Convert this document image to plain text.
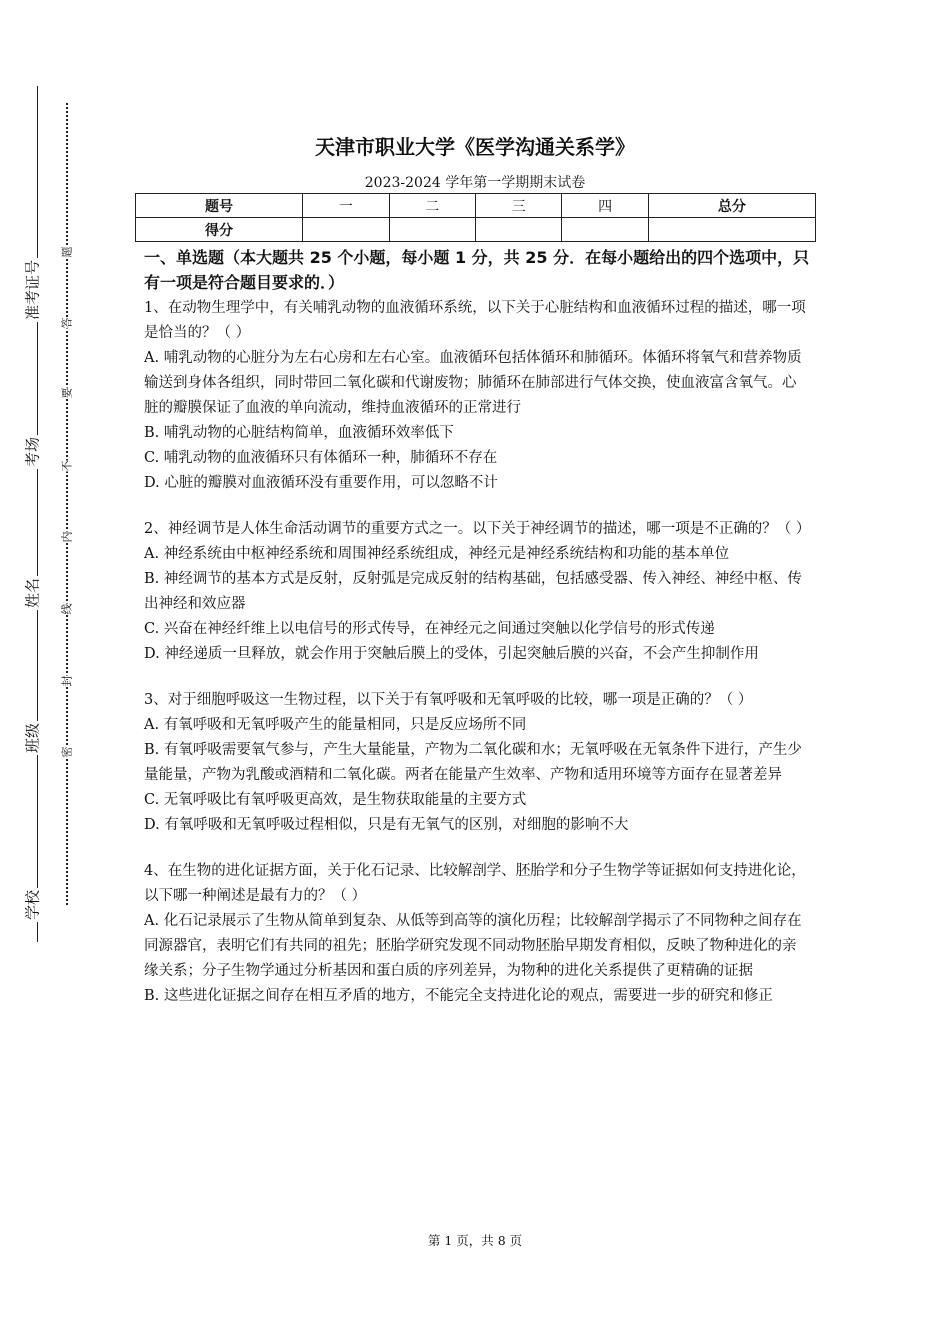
准考证号
考场
姓名
班级
学校
题
答
要
不
内
线
封
密
天津市职业大学《医学沟通关系学》
2023-2024 学年第一学期期末试卷
题号	一	二	三	四	总分
得分					

一、单选题（本大题共 25 个小题，每小题 1 分，共 25 分．在每小题给出的四个选项中，只有一项是符合题目要求的．）

1、在动物生理学中，有关哺乳动物的血液循环系统，以下关于心脏结构和血液循环过程的描述，哪一项是恰当的？（ ）

A. 哺乳动物的心脏分为左右心房和左右心室。血液循环包括体循环和肺循环。体循环将氧气和营养物质输送到身体各组织，同时带回二氧化碳和代谢废物；肺循环在肺部进行气体交换，使血液富含氧气。心脏的瓣膜保证了血液的单向流动，维持血液循环的正常进行

B. 哺乳动物的心脏结构简单，血液循环效率低下

C. 哺乳动物的血液循环只有体循环一种，肺循环不存在

D. 心脏的瓣膜对血液循环没有重要作用，可以忽略不计

2、神经调节是人体生命活动调节的重要方式之一。以下关于神经调节的描述，哪一项是不正确的？（ ）

A. 神经系统由中枢神经系统和周围神经系统组成，神经元是神经系统结构和功能的基本单位

B. 神经调节的基本方式是反射，反射弧是完成反射的结构基础，包括感受器、传入神经、神经中枢、传出神经和效应器

C. 兴奋在神经纤维上以电信号的形式传导，在神经元之间通过突触以化学信号的形式传递

D. 神经递质一旦释放，就会作用于突触后膜上的受体，引起突触后膜的兴奋，不会产生抑制作用

3、对于细胞呼吸这一生物过程，以下关于有氧呼吸和无氧呼吸的比较，哪一项是正确的？（ ）

A. 有氧呼吸和无氧呼吸产生的能量相同，只是反应场所不同

B. 有氧呼吸需要氧气参与，产生大量能量，产物为二氧化碳和水；无氧呼吸在无氧条件下进行，产生少量能量，产物为乳酸或酒精和二氧化碳。两者在能量产生效率、产物和适用环境等方面存在显著差异

C. 无氧呼吸比有氧呼吸更高效，是生物获取能量的主要方式

D. 有氧呼吸和无氧呼吸过程相似，只是有无氧气的区别，对细胞的影响不大

4、在生物的进化证据方面，关于化石记录、比较解剖学、胚胎学和分子生物学等证据如何支持进化论，以下哪一种阐述是最有力的？（ ）

A. 化石记录展示了生物从简单到复杂、从低等到高等的演化历程；比较解剖学揭示了不同物种之间存在同源器官，表明它们有共同的祖先；胚胎学研究发现不同动物胚胎早期发育相似，反映了物种进化的亲缘关系；分子生物学通过分析基因和蛋白质的序列差异，为物种的进化关系提供了更精确的证据

B. 这些进化证据之间存在相互矛盾的地方，不能完全支持进化论的观点，需要进一步的研究和修正

第 1 页，共 8 页
